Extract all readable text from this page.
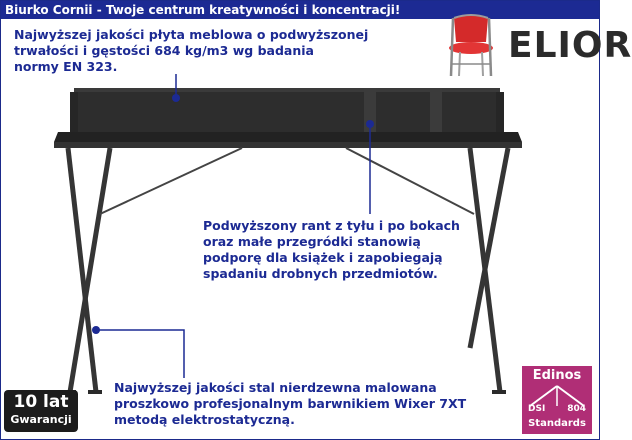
Biurko Cornii - Twoje centrum kreatywności i koncentracji!

Najwyższej jakości płyta meblowa o podwyższonej

trwałości i gęstości 684 kg/m3 wg badania

normy EN 323.

Podwyższony rant z tyłu i po bokach

oraz małe przegródki stanowią

podporę dla książek i zapobiegają

spadaniu drobnych przedmiotów.

Najwyższej jakości stal nierdzewna malowana

proszkowo profesjonalnym barwnikiem Wixer 7XT

metodą elektrostatyczną.

ELIOR
10 lat
Gwarancji
Edinos
DSI 804
Standards
